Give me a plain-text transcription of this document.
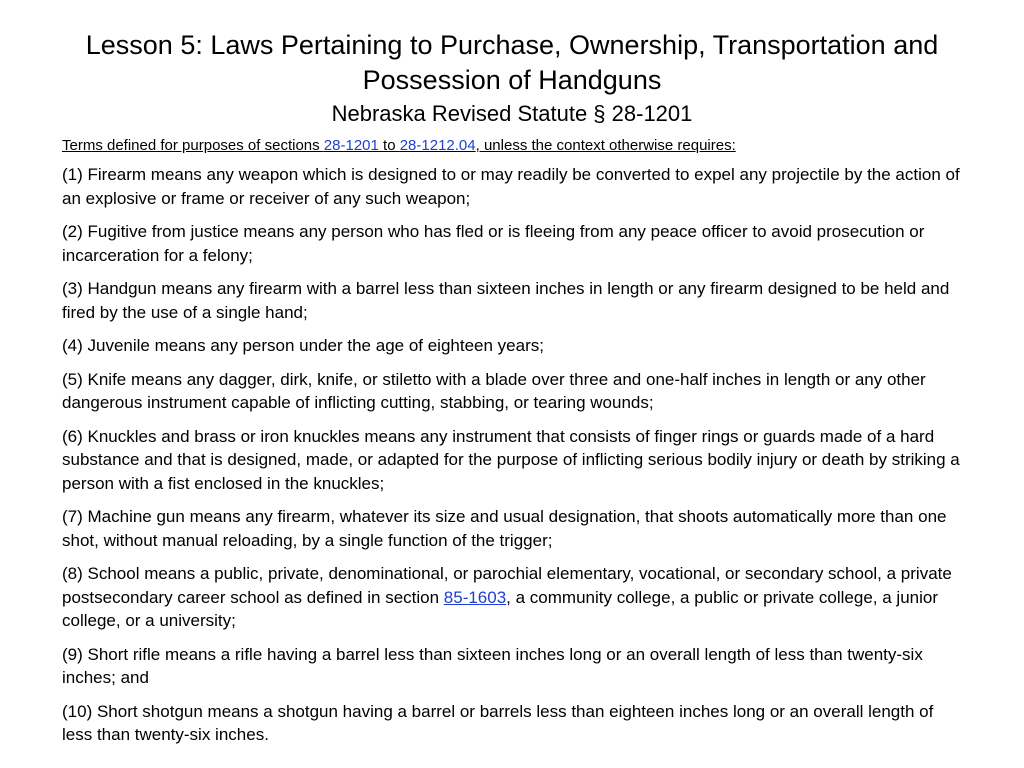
Lesson 5: Laws Pertaining to Purchase, Ownership, Transportation and Possession of Handguns
Nebraska Revised Statute § 28-1201

Terms defined for purposes of sections 28-1201 to 28-1212.04, unless the context otherwise requires:

(1) Firearm means any weapon which is designed to or may readily be converted to expel any projectile by the action of an explosive or frame or receiver of any such weapon;

(2) Fugitive from justice means any person who has fled or is fleeing from any peace officer to avoid prosecution or incarceration for a felony;

(3) Handgun means any firearm with a barrel less than sixteen inches in length or any firearm designed to be held and fired by the use of a single hand;

(4) Juvenile means any person under the age of eighteen years;

(5) Knife means any dagger, dirk, knife, or stiletto with a blade over three and one-half inches in length or any other dangerous instrument capable of inflicting cutting, stabbing, or tearing wounds;

(6) Knuckles and brass or iron knuckles means any instrument that consists of finger rings or guards made of a hard substance and that is designed, made, or adapted for the purpose of inflicting serious bodily injury or death by striking a person with a fist enclosed in the knuckles;

(7) Machine gun means any firearm, whatever its size and usual designation, that shoots automatically more than one shot, without manual reloading, by a single function of the trigger;

(8) School means a public, private, denominational, or parochial elementary, vocational, or secondary school, a private postsecondary career school as defined in section 85-1603, a community college, a public or private college, a junior college, or a university;

(9) Short rifle means a rifle having a barrel less than sixteen inches long or an overall length of less than twenty-six inches; and

(10) Short shotgun means a shotgun having a barrel or barrels less than eighteen inches long or an overall length of less than twenty-six inches.
